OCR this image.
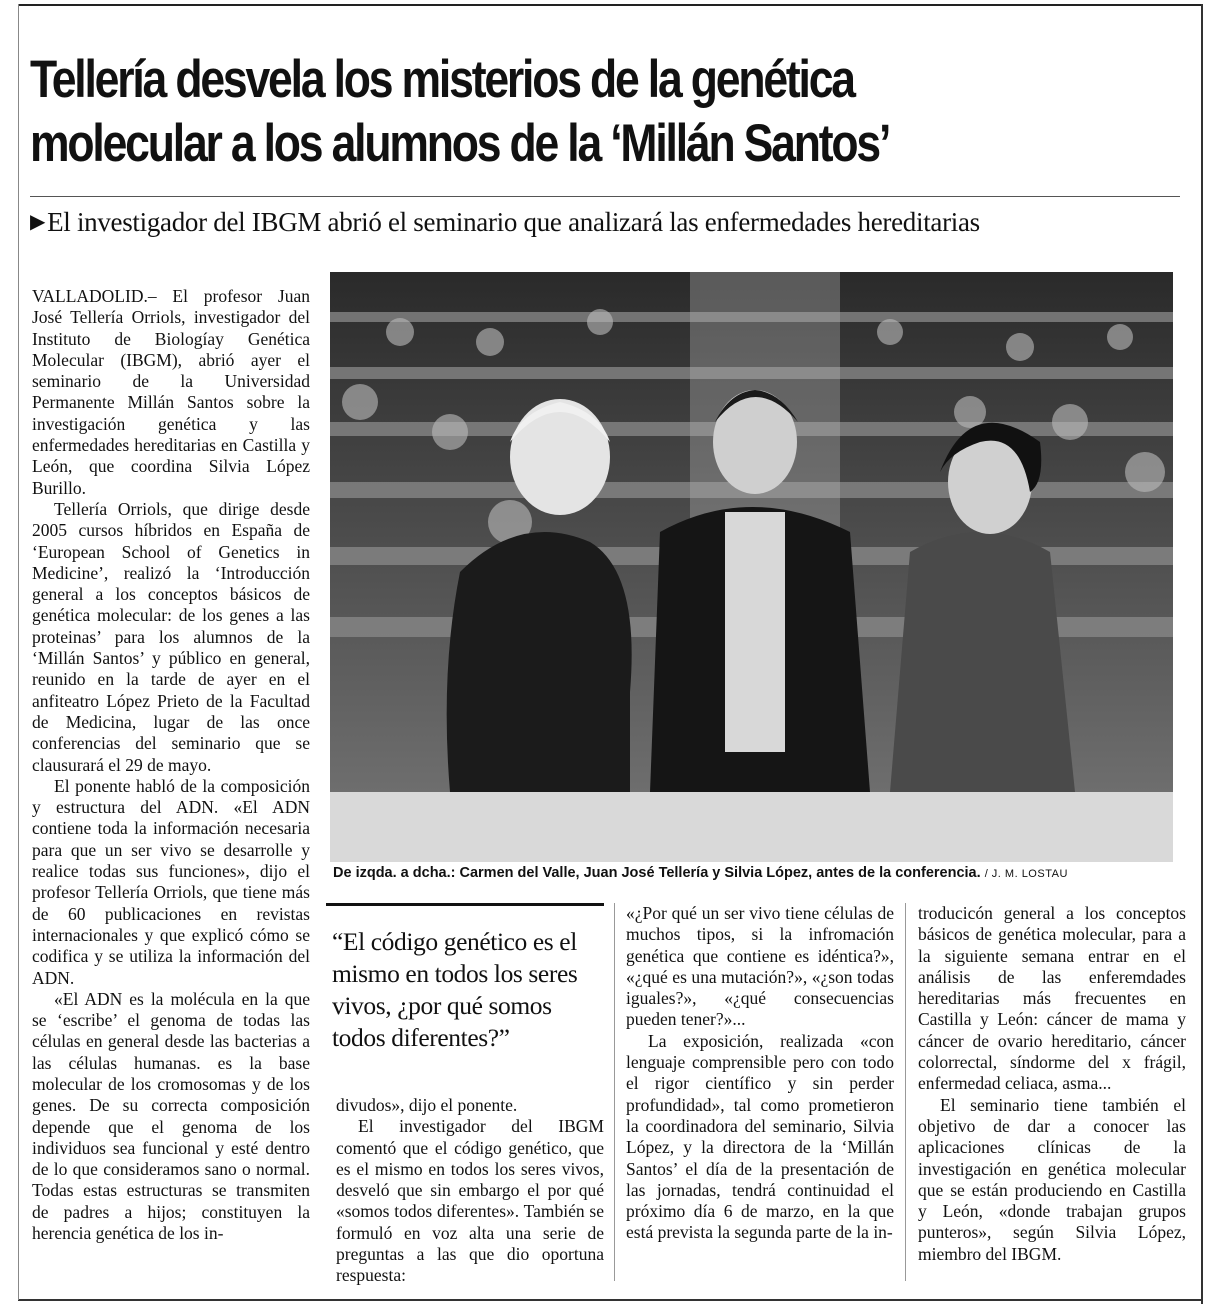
Tellería desvela los misterios de la genética
molecular a los alumnos de la ‘Millán Santos’
▶El investigador del IBGM abrió el seminario que analizará las enfermedades hereditarias

VALLADOLID.– El profesor Juan José Tellería Orriols, investigador del Instituto de Biologíay Genética Molecular (IBGM), abrió ayer el seminario de la Universidad Permanente Millán Santos sobre la investigación genética y las enfermedades hereditarias en Castilla y León, que coordina Silvia López Burillo.

Tellería Orriols, que dirige desde 2005 cursos híbridos en España de ‘European School of Genetics in Medicine’, realizó la ‘Introducción general a los conceptos básicos de genética molecular: de los genes a las proteinas’ para los alumnos de la ‘Millán Santos’ y público en general, reunido en la tarde de ayer en el anfiteatro López Prieto de la Facultad de Medicina, lugar de las once conferencias del seminario que se clausurará el 29 de mayo.

El ponente habló de la composición y estructura del ADN. «El ADN contiene toda la información necesaria para que un ser vivo se desarrolle y realice todas sus funciones», dijo el profesor Tellería Orriols, que tiene más de 60 publicaciones en revistas internacionales y que explicó cómo se codifica y se utiliza la información del ADN.

«El ADN es la molécula en la que se ‘escribe’ el genoma de todas las células en general desde las bacterias a las células humanas. es la base molecular de los cromosomas y de los genes. De su correcta composición depende que el genoma de los individuos sea funcional y esté dentro de lo que consideramos sano o normal. Todas estas estructuras se transmiten de padres a hijos; constituyen la herencia genética de los in-

De izqda. a dcha.: Carmen del Valle, Juan José Tellería y Silvia López, antes de la conferencia. / J. M. LOSTAU
“El código genético es el mismo en todos los seres vivos, ¿por qué somos todos diferentes?”

divudos», dijo el ponente.

El investigador del IBGM comentó que el código genético, que es el mismo en todos los seres vivos, desveló que sin embargo el por qué «somos todos diferentes». También se formuló en voz alta una serie de preguntas a las que dio oportuna respuesta:

«¿Por qué un ser vivo tiene células de muchos tipos, si la infromación genética que contiene es idéntica?», «¿qué es una mutación?», «¿son todas iguales?», «¿qué consecuencias pueden tener?»...

La exposición, realizada «con lenguaje comprensible pero con todo el rigor científico y sin perder profundidad», tal como prometieron la coordinadora del seminario, Silvia López, y la directora de la ‘Millán Santos’ el día de la presentación de las jornadas, tendrá continuidad el próximo día 6 de marzo, en la que está prevista la segunda parte de la in-

troducicón general a los conceptos básicos de genética molecular, para a la siguiente semana entrar en el análisis de las enferemdades hereditarias más frecuentes en Castilla y León: cáncer de mama y cáncer de ovario hereditario, cáncer colorrectal, síndorme del x frágil, enfermedad celiaca, asma...

El seminario tiene también el objetivo de dar a conocer las aplicaciones clínicas de la investigación en genética molecular que se están produciendo en Castilla y León, «donde trabajan grupos punteros», según Silvia López, miembro del IBGM.
